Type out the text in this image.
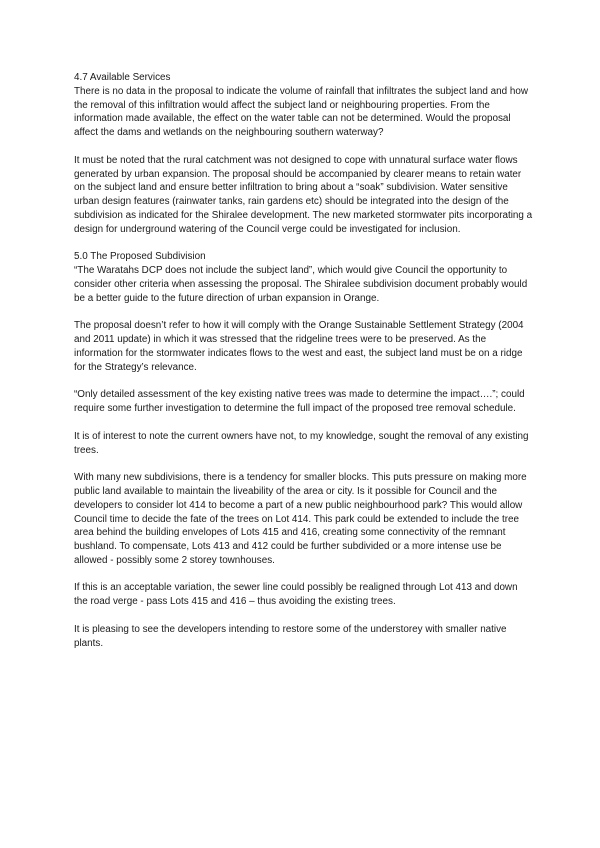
4.7 Available Services

There is no data in the proposal to indicate the volume of rainfall that infiltrates the subject land and how the removal of this infiltration would affect the subject land or neighbouring properties. From the information made available, the effect on the water table can not be determined. Would the proposal affect the dams and wetlands on the neighbouring southern waterway?

It must be noted that the rural catchment was not designed to cope with unnatural surface water flows generated by urban expansion. The proposal should be accompanied by clearer means to retain water on the subject land and ensure better infiltration to bring about a “soak” subdivision. Water sensitive urban design features (rainwater tanks, rain gardens etc) should be integrated into the design of the subdivision as indicated for the Shiralee development. The new marketed stormwater pits incorporating a design for underground watering of the Council verge could be investigated for inclusion.

5.0 The Proposed Subdivision

“The Waratahs DCP does not include the subject land”, which would give Council the opportunity to consider other criteria when assessing the proposal. The Shiralee subdivision document probably would be a better guide to the future direction of urban expansion in Orange.

The proposal doesn’t refer to how it will comply with the Orange Sustainable Settlement Strategy (2004 and 2011 update) in which it was stressed that the ridgeline trees were to be preserved. As the information for the stormwater indicates flows to the west and east, the subject land must be on a ridge for the Strategy’s relevance.

“Only detailed assessment of the key existing native trees was made to determine the impact….”; could require some further investigation to determine the full impact of the proposed tree removal schedule.

It is of interest to note the current owners have not, to my knowledge, sought the removal of any existing trees.

With many new subdivisions, there is a tendency for smaller blocks. This puts pressure on making more public land available to maintain the liveability of the area or city. Is it possible for Council and the developers to consider lot 414 to become a part of a new public neighbourhood park? This would allow Council time to decide the fate of the trees on Lot 414. This park could be extended to include the tree area behind the building envelopes of Lots 415 and 416, creating some connectivity of the remnant bushland. To compensate, Lots 413 and 412 could be further subdivided or a more intense use be allowed - possibly some 2 storey townhouses.

If this is an acceptable variation, the sewer line could possibly be realigned through Lot 413 and down the road verge - pass Lots 415 and 416 – thus avoiding the existing trees.

It is pleasing to see the developers intending to restore some of the understorey with smaller native plants.
